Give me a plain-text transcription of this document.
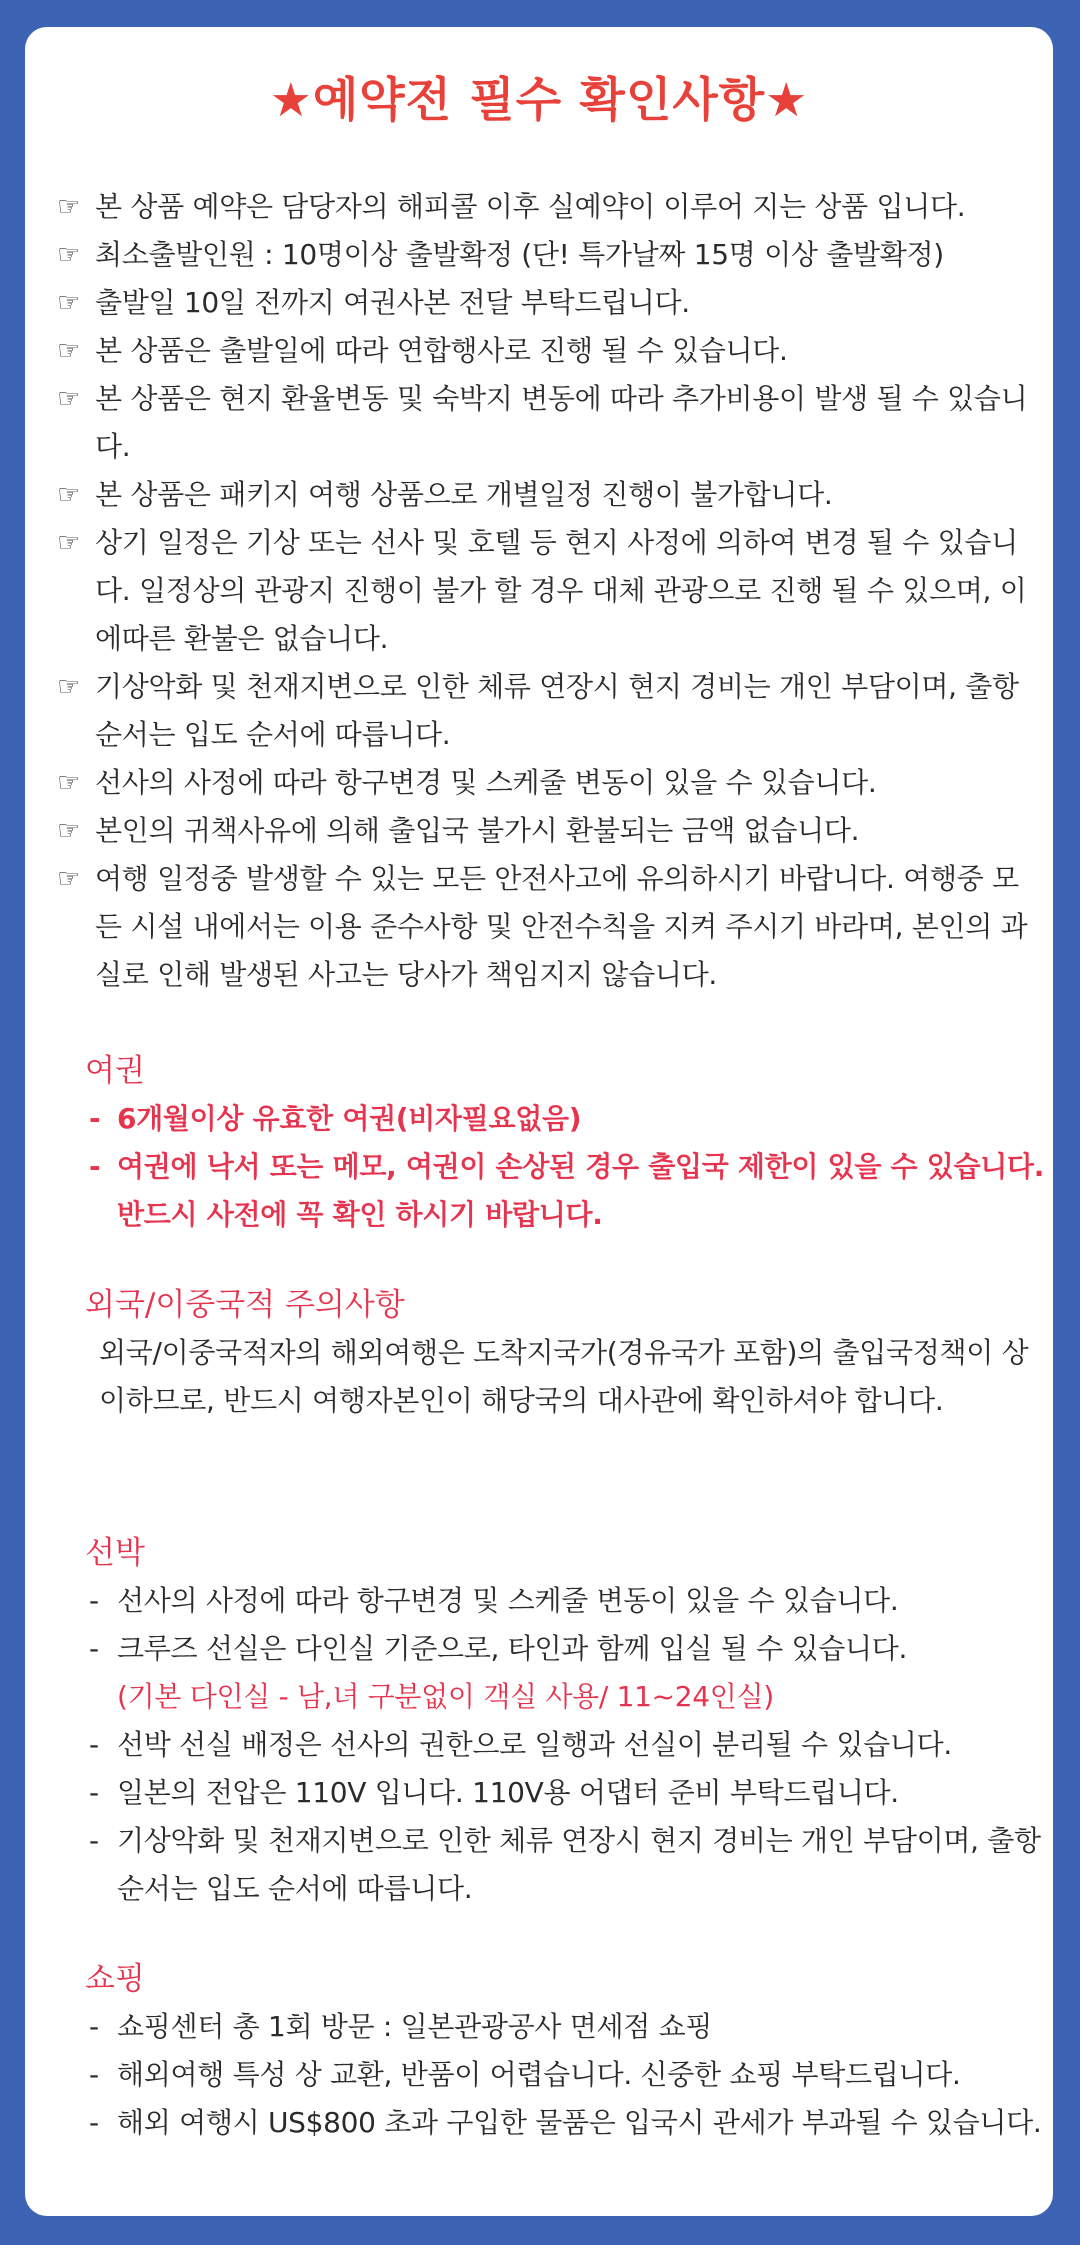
★예약전 필수 확인사항★
☞ 본 상품 예약은 담당자의 해피콜 이후 실예약이 이루어 지는 상품 입니다.
☞ 최소출발인원 : 10명이상 출발확정 (단! 특가날짜 15명 이상 출발확정)
☞ 출발일 10일 전까지 여권사본 전달 부탁드립니다.
☞ 본 상품은 출발일에 따라 연합행사로 진행 될 수 있습니다.
☞ 본 상품은 현지 환율변동 및 숙박지 변동에 따라 추가비용이 발생 될 수 있습니다.
☞ 본 상품은 패키지 여행 상품으로 개별일정 진행이 불가합니다.
☞ 상기 일정은 기상 또는 선사 및 호텔 등 현지 사정에 의하여 변경 될 수 있습니다. 일정상의 관광지 진행이 불가 할 경우 대체 관광으로 진행 될 수 있으며, 이에따른 환불은 없습니다.
☞ 기상악화 및 천재지변으로 인한 체류 연장시 현지 경비는 개인 부담이며, 출항 순서는 입도 순서에 따릅니다.
☞ 선사의 사정에 따라 항구변경 및 스케줄 변동이 있을 수 있습니다.
☞ 본인의 귀책사유에 의해 출입국 불가시 환불되는 금액 없습니다.
☞ 여행 일정중 발생할 수 있는 모든 안전사고에 유의하시기 바랍니다. 여행중 모든 시설 내에서는 이용 준수사항 및 안전수칙을 지켜 주시기 바라며, 본인의 과실로 인해 발생된 사고는 당사가 책임지지 않습니다.
여권
- 6개월이상 유효한 여권(비자필요없음)
- 여권에 낙서 또는 메모, 여권이 손상된 경우 출입국 제한이 있을 수 있습니다. 반드시 사전에 꼭 확인 하시기 바랍니다.
외국/이중국적 주의사항

외국/이중국적자의 해외여행은 도착지국가(경유국가 포함)의 출입국정책이 상이하므로, 반드시 여행자본인이 해당국의 대사관에 확인하셔야 합니다.

선박
- 선사의 사정에 따라 항구변경 및 스케줄 변동이 있을 수 있습니다.
- 크루즈 선실은 다인실 기준으로, 타인과 함께 입실 될 수 있습니다.
(기본 다인실 - 남,녀 구분없이 객실 사용/ 11~24인실)
- 선박 선실 배정은 선사의 권한으로 일행과 선실이 분리될 수 있습니다.
- 일본의 전압은 110V 입니다. 110V용 어댑터 준비 부탁드립니다.
- 기상악화 및 천재지변으로 인한 체류 연장시 현지 경비는 개인 부담이며, 출항 순서는 입도 순서에 따릅니다.
쇼핑
- 쇼핑센터 총 1회 방문 : 일본관광공사 면세점 쇼핑
- 해외여행 특성 상 교환, 반품이 어렵습니다. 신중한 쇼핑 부탁드립니다.
- 해외 여행시 US$800 초과 구입한 물품은 입국시 관세가 부과될 수 있습니다.
